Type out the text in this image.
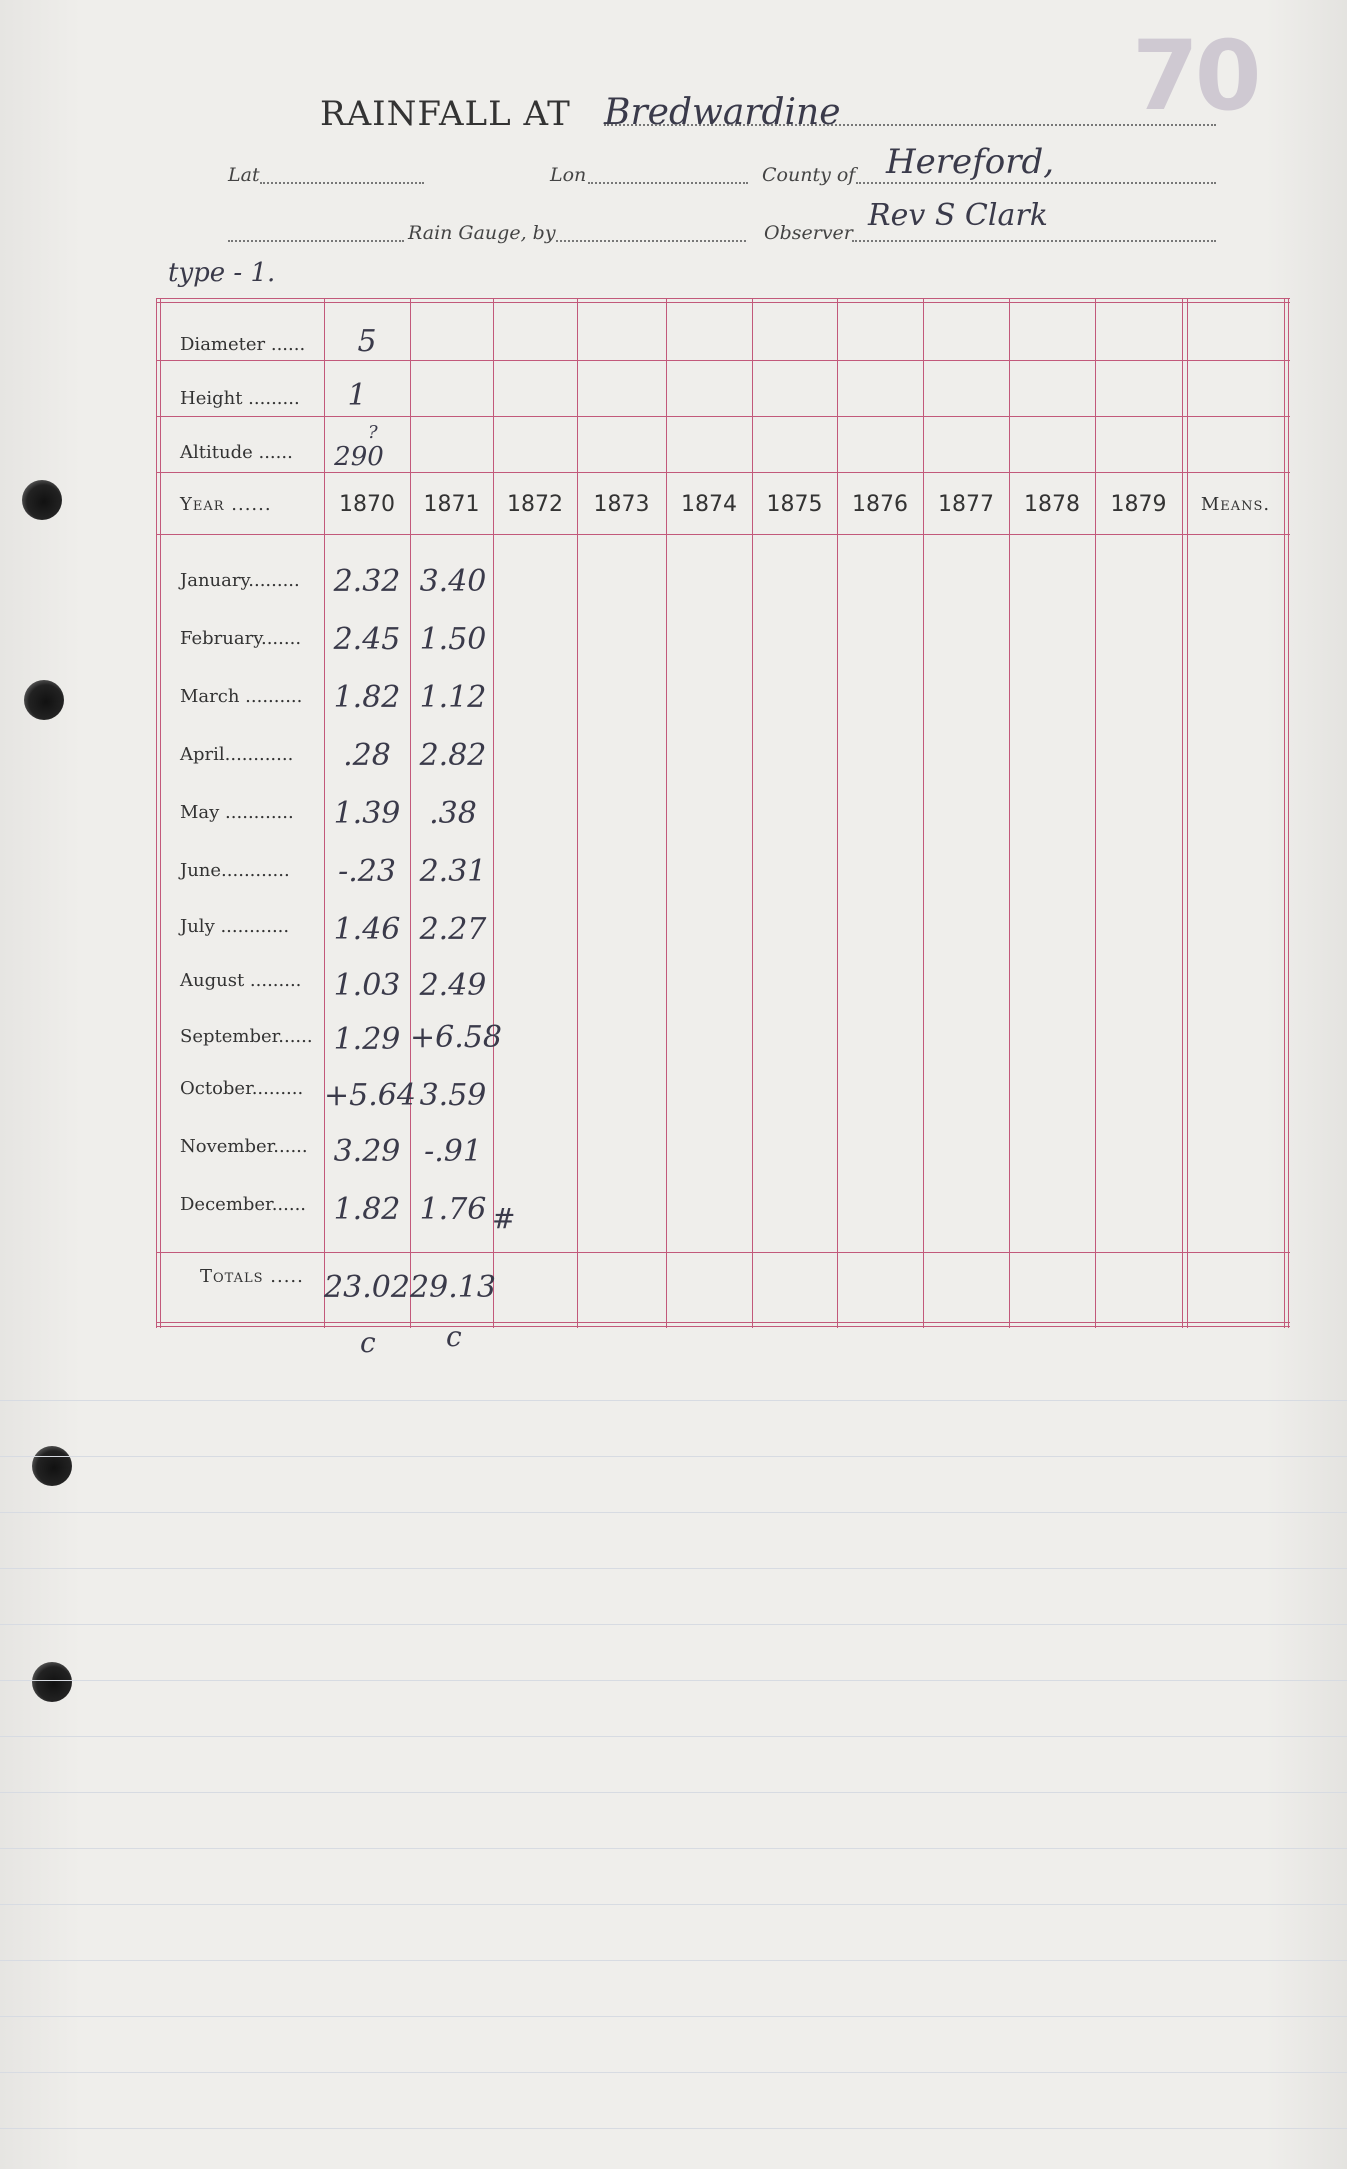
70
RAINFALL AT Bredwardine
Lat	Lon	County of Hereford,
Rain Gauge, by	Observer Rev S Clark
type - 1.
Diameter ......	5
Height .........	1
Altitude ......	290
?
Year ......	1870	1871	1872	1873	1874	1875	1876	1877	1878	1879	Means.
January.........	2.32 3.40
February.......	2.45 1.50
March ..........	1.82 1.12
April............	.28 2.82
May ............	1.39 .38
June............	-.23 2.31
July ............	1.46 2.27
August .........	1.03 2.49
September...... 1.29 +6.58
October......... +5.64 3.59
November...... 3.29 -.91
December...... 1.82 1.76 #
Totals ..... 23.02 29.13
c	c
